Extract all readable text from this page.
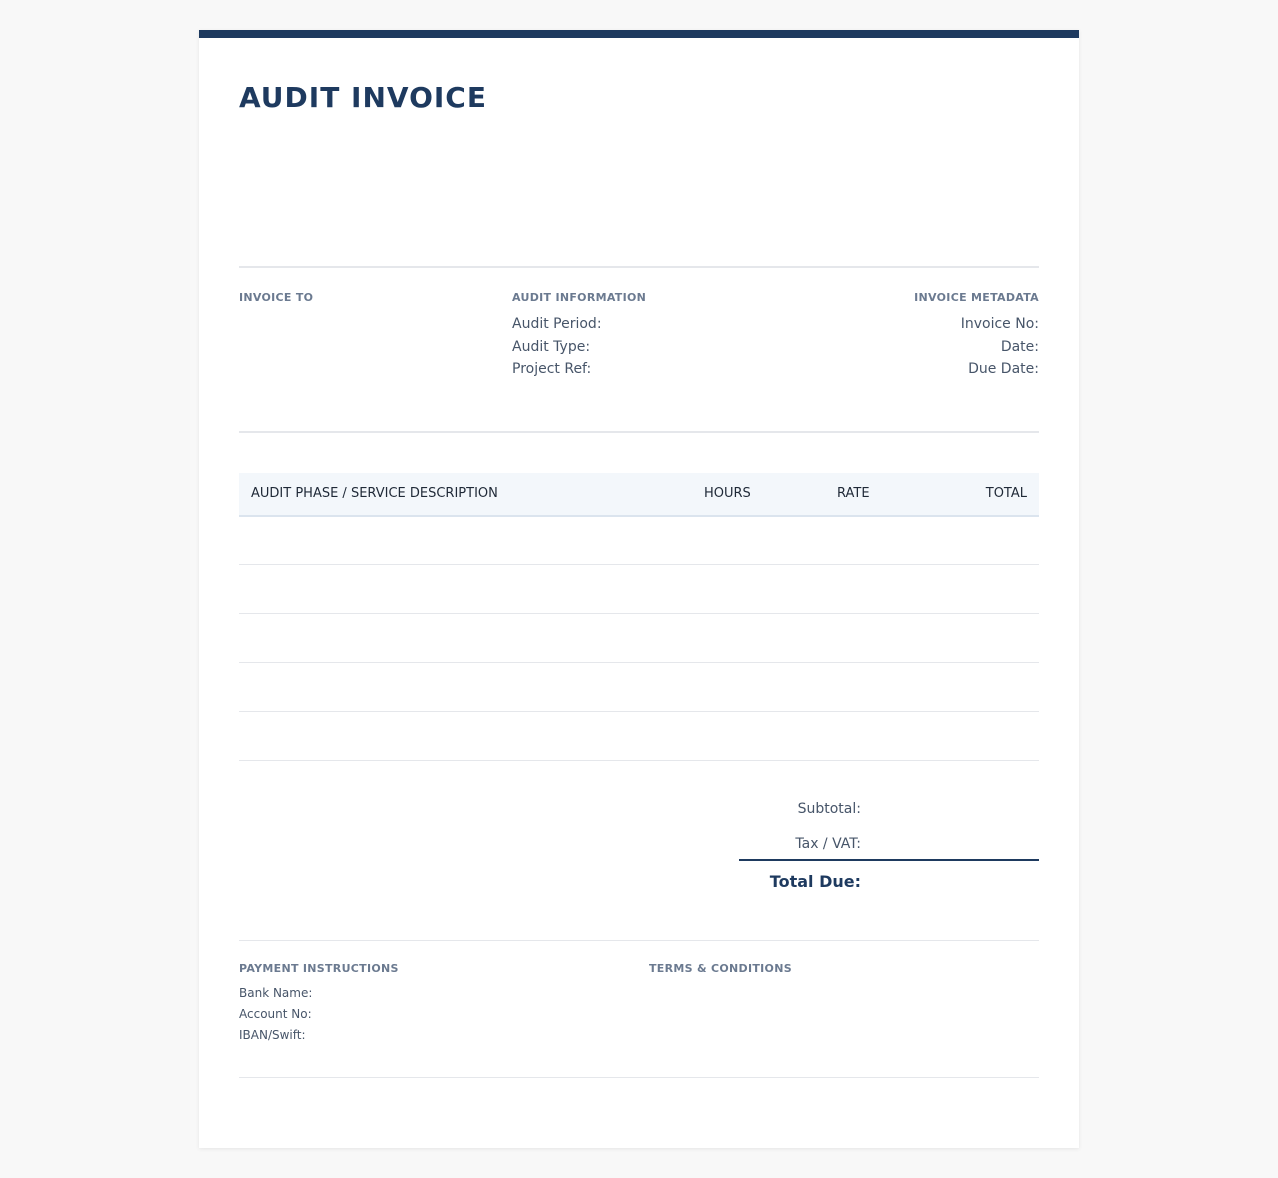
AUDIT INVOICE
INVOICE TO	AUDIT INFORMATION
Audit Period:
Audit Type:
Project Ref:
INVOICE METADATA
Invoice No:
Date:
Due Date:
AUDIT PHASE / SERVICE DESCRIPTION	HOURS	RATE	TOTAL
Subtotal:
Tax / VAT:
Total Due:
PAYMENT INSTRUCTIONS
Bank Name:
Account No:
IBAN/Swift:
TERMS & CONDITIONS
